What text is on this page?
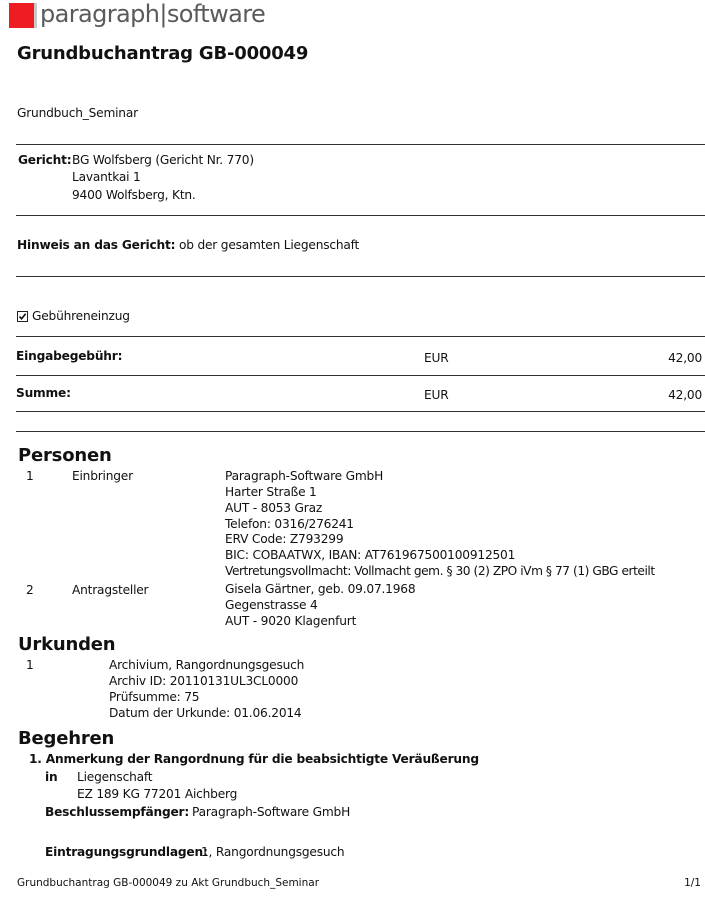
paragraph|software
Grundbuchantrag GB-000049
Grundbuch_Seminar
Gericht: BG Wolfsberg (Gericht Nr. 770)
Lavantkai 1
9400 Wolfsberg, Ktn.
Hinweis an das Gericht: ob der gesamten Liegenschaft
Gebühreneinzug
Eingabegebühr:	EUR	42,00
Summe:	EUR	42,00
Personen
1	Einbringer	Paragraph-Software GmbH
Harter Straße 1
AUT - 8053 Graz
Telefon: 0316/276241
ERV Code: Z793299
BIC: COBAATWX, IBAN: AT761967500100912501
Vertretungsvollmacht: Vollmacht gem. § 30 (2) ZPO iVm § 77 (1) GBG erteilt
2	Antragsteller	Gisela Gärtner, geb. 09.07.1968
Gegenstrasse 4
AUT - 9020 Klagenfurt
Urkunden
1	Archivium, Rangordnungsgesuch
Archiv ID: 20110131UL3CL0000
Prüfsumme: 75
Datum der Urkunde: 01.06.2014
Begehren
1. Anmerkung der Rangordnung für die beabsichtigte Veräußerung
in Liegenschaft
EZ 189 KG 77201 Aichberg
Beschlussempfänger: Paragraph-Software GmbH
Eintragungsgrundlagen:
1, Rangordnungsgesuch
Grundbuchantrag GB-000049 zu Akt Grundbuch_Seminar	1/1
